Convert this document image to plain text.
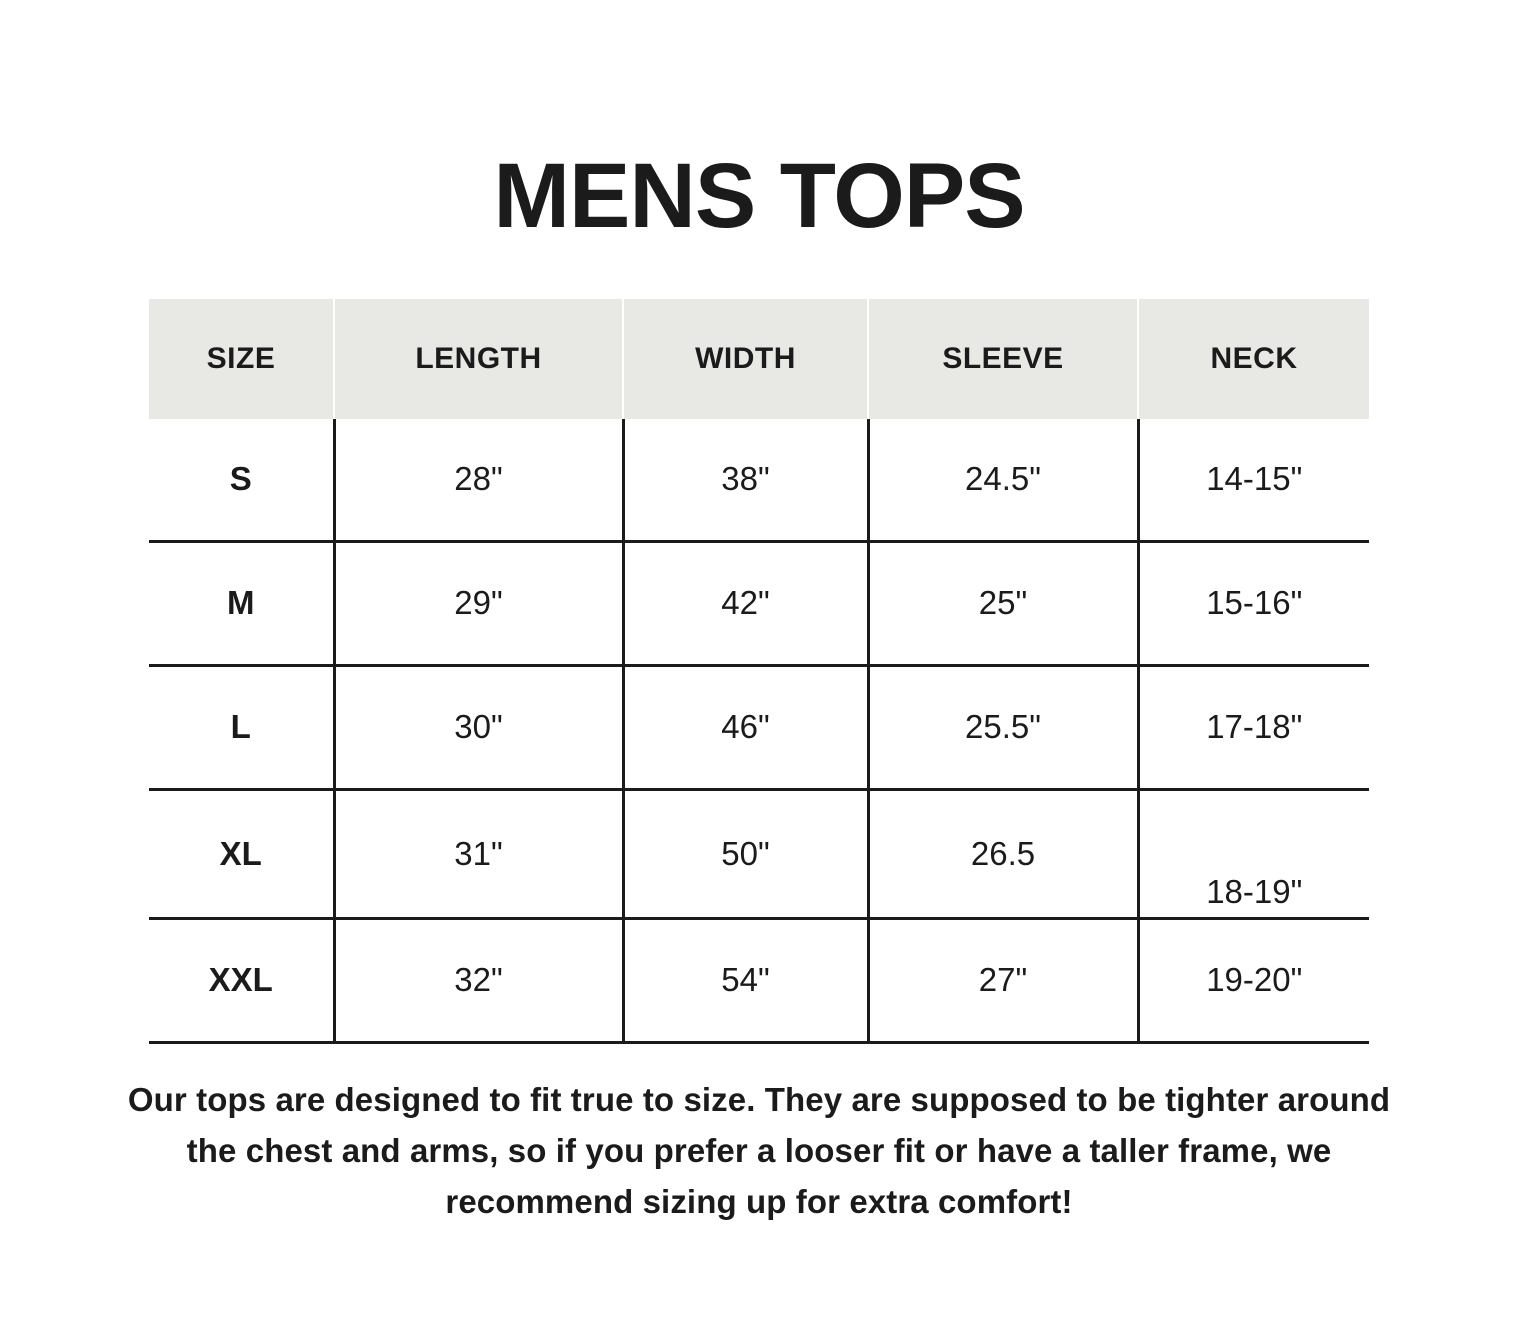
MENS TOPS
SIZE	LENGTH	WIDTH	SLEEVE	NECK
S	28"	38"	24.5"	14-15"
M	29"	42"	25"	15-16"
L	30"	46"	25.5"	17-18"
XL	31"	50"	26.5	18-19"
XXL	32"	54"	27"	19-20"

Our tops are designed to fit true to size. They are supposed to be tighter around the chest and arms, so if you prefer a looser fit or have a taller frame, we recommend sizing up for extra comfort!
